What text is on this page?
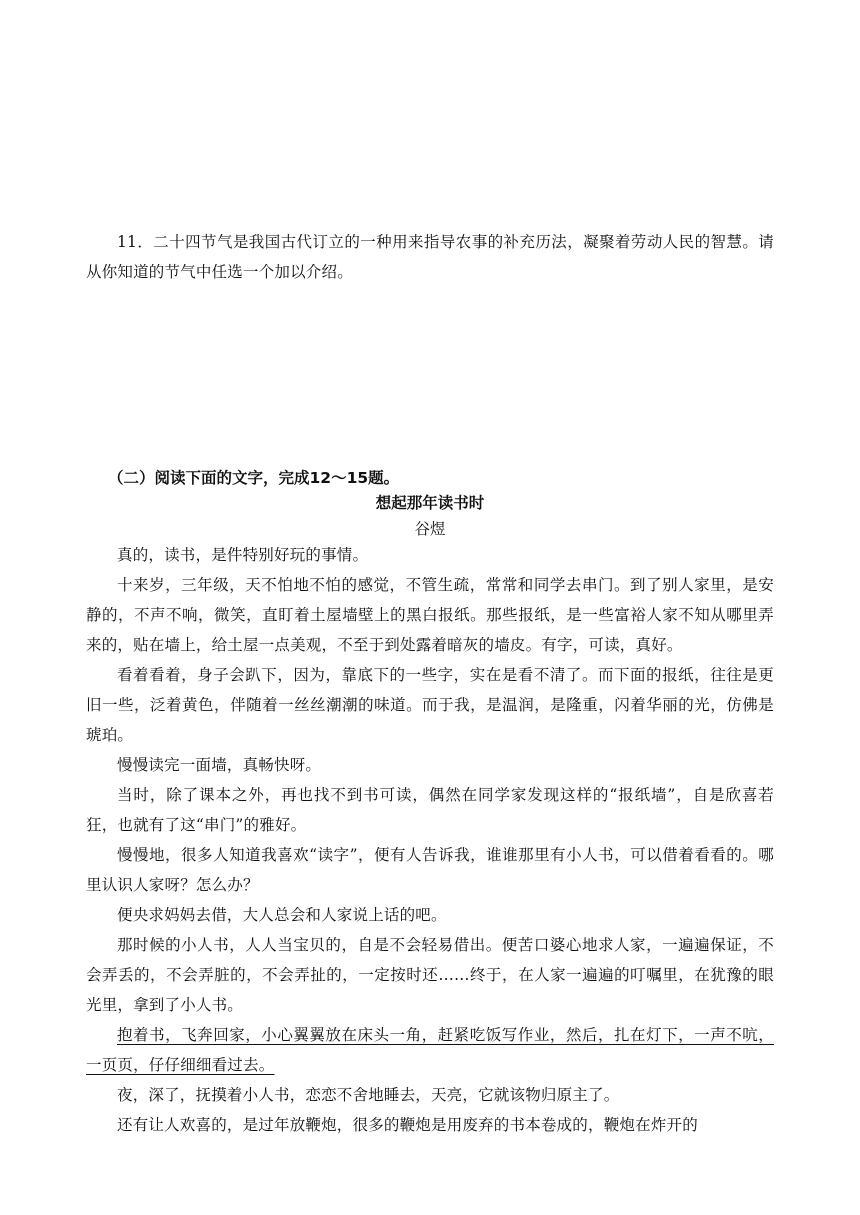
11．二十四节气是我国古代订立的一种用来指导农事的补充历法，凝聚着劳动人民的智慧。请从你知道的节气中任选一个加以介绍。

（二）阅读下面的文字，完成12～15题。
想起那年读书时
谷煜

真的，读书，是件特别好玩的事情。

十来岁，三年级，天不怕地不怕的感觉，不管生疏，常常和同学去串门。到了别人家里，是安静的，不声不响，微笑，直盯着土屋墙壁上的黑白报纸。那些报纸，是一些富裕人家不知从哪里弄来的，贴在墙上，给土屋一点美观，不至于到处露着暗灰的墙皮。有字，可读，真好。

看着看着，身子会趴下，因为，靠底下的一些字，实在是看不清了。而下面的报纸，往往是更旧一些，泛着黄色，伴随着一丝丝潮潮的味道。而于我，是温润，是隆重，闪着华丽的光，仿佛是琥珀。

慢慢读完一面墙，真畅快呀。

当时，除了课本之外，再也找不到书可读，偶然在同学家发现这样的“报纸墙”，自是欣喜若狂，也就有了这“串门”的雅好。

慢慢地，很多人知道我喜欢“读字”，便有人告诉我，谁谁那里有小人书，可以借着看看的。哪里认识人家呀？怎么办？

便央求妈妈去借，大人总会和人家说上话的吧。

那时候的小人书，人人当宝贝的，自是不会轻易借出。便苦口婆心地求人家，一遍遍保证，不会弄丢的，不会弄脏的，不会弄扯的，一定按时还……终于，在人家一遍遍的叮嘱里，在犹豫的眼光里，拿到了小人书。

抱着书，飞奔回家，小心翼翼放在床头一角，赶紧吃饭写作业，然后，扎在灯下，一声不吭，一页页，仔仔细细看过去。

夜，深了，抚摸着小人书，恋恋不舍地睡去，天亮，它就该物归原主了。

还有让人欢喜的，是过年放鞭炮，很多的鞭炮是用废弃的书本卷成的，鞭炮在炸开的
